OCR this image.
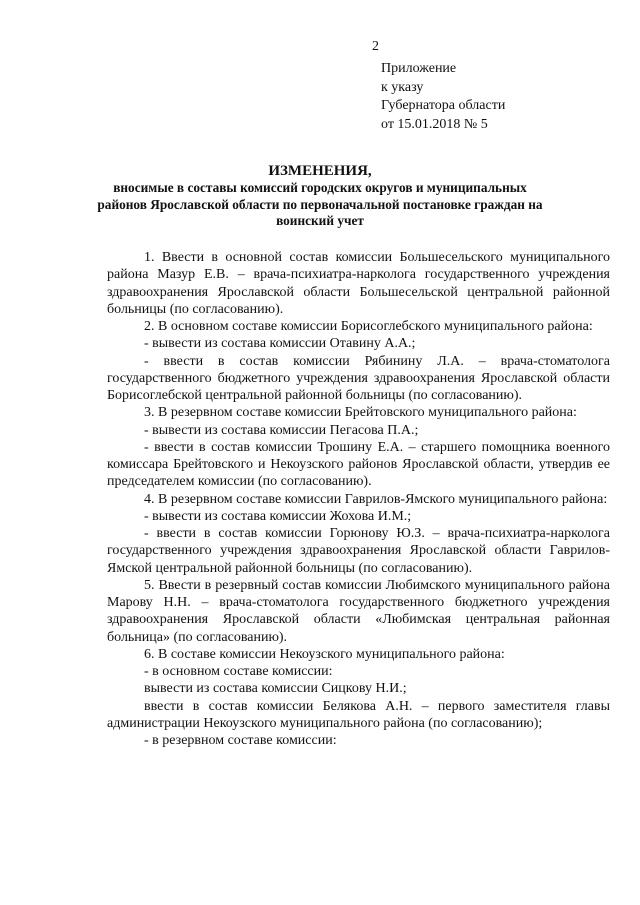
2
Приложение
к указу
Губернатора области
от 15.01.2018 № 5
ИЗМЕНЕНИЯ,
вносимые в составы комиссий городских округов и муниципальных районов Ярославской области по первоначальной постановке граждан на воинский учет

1. Ввести в основной состав комиссии Большесельского муниципального района Мазур Е.В. – врача-психиатра-нарколога государственного учреждения здравоохранения Ярославской области Большесельской центральной районной больницы (по согласованию).

2. В основном составе комиссии Борисоглебского муниципального района:

- вывести из состава комиссии Отавину А.А.;

- ввести в состав комиссии Рябинину Л.А. – врача-стоматолога государственного бюджетного учреждения здравоохранения Ярославской области Борисоглебской центральной районной больницы (по согласованию).

3. В резервном составе комиссии Брейтовского муниципального района:

- вывести из состава комиссии Пегасова П.А.;

- ввести в состав комиссии Трошину Е.А. – старшего помощника военного комиссара Брейтовского и Некоузского районов Ярославской области, утвердив ее председателем комиссии (по согласованию).

4. В резервном составе комиссии Гаврилов-Ямского муниципального района:

- вывести из состава комиссии Жохова И.М.;

- ввести в состав комиссии Горюнову Ю.З. – врача-психиатра-нарколога государственного учреждения здравоохранения Ярославской области Гаврилов-Ямской центральной районной больницы (по согласованию).

5. Ввести в резервный состав комиссии Любимского муниципального района Марову Н.Н. – врача-стоматолога государственного бюджетного учреждения здравоохранения Ярославской области «Любимская центральная районная больница» (по согласованию).

6. В составе комиссии Некоузского муниципального района:

- в основном составе комиссии:

вывести из состава комиссии Сицкову Н.И.;

ввести в состав комиссии Белякова А.Н. – первого заместителя главы администрации Некоузского муниципального района (по согласованию);

- в резервном составе комиссии:
